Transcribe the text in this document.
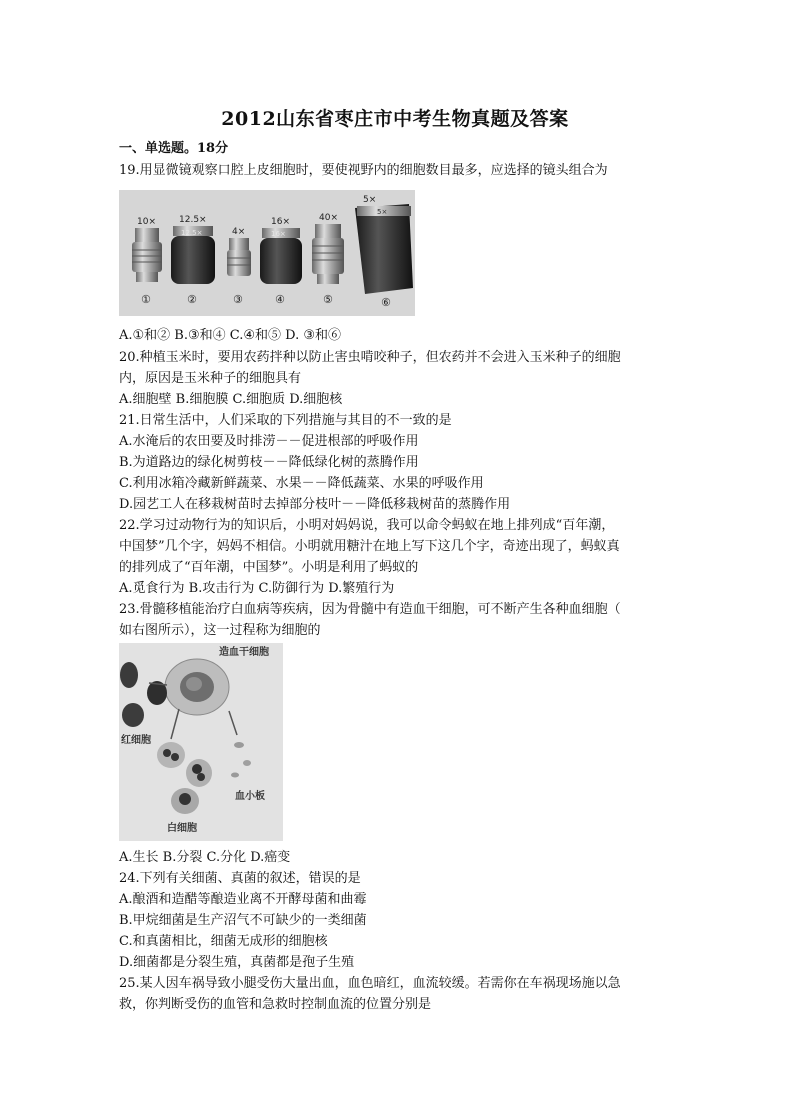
2012山东省枣庄市中考生物真题及答案
一、单选题。18分
19.用显微镜观察口腔上皮细胞时，要使视野内的细胞数目最多，应选择的镜头组合为
10×	12.5×
4×
16×	40×
5×
12.5×	16×
5×
①	②	③	④	⑤	⑥
A.①和② B.③和④ C.④和⑤ D. ③和⑥
20.种植玉米时，要用农药拌种以防止害虫啃咬种子，但农药并不会进入玉米种子的细胞
内，原因是玉米种子的细胞具有
A.细胞壁 B.细胞膜 C.细胞质 D.细胞核
21.日常生活中，人们采取的下列措施与其目的不一致的是
A.水淹后的农田要及时排涝－－促进根部的呼吸作用
B.为道路边的绿化树剪枝－－降低绿化树的蒸腾作用
C.利用冰箱冷藏新鲜蔬菜、水果－－降低蔬菜、水果的呼吸作用
D.园艺工人在移栽树苗时去掉部分枝叶－－降低移栽树苗的蒸腾作用
22.学习过动物行为的知识后，小明对妈妈说，我可以命令蚂蚁在地上排列成“百年潮，
中国梦”几个字，妈妈不相信。小明就用糖汁在地上写下这几个字，奇迹出现了，蚂蚁真
的排列成了“百年潮，中国梦”。小明是利用了蚂蚁的
A.觅食行为 B.攻击行为 C.防御行为 D.繁殖行为
23.骨髓移植能治疗白血病等疾病，因为骨髓中有造血干细胞，可不断产生各种血细胞（
如右图所示），这一过程称为细胞的
造血干细胞
红细胞
血小板
白细胞
A.生长 B.分裂 C.分化 D.癌变
24.下列有关细菌、真菌的叙述，错误的是
A.酿酒和造醋等酿造业离不开酵母菌和曲霉
B.甲烷细菌是生产沼气不可缺少的一类细菌
C.和真菌相比，细菌无成形的细胞核
D.细菌都是分裂生殖，真菌都是孢子生殖
25.某人因车祸导致小腿受伤大量出血，血色暗红，血流较缓。若需你在车祸现场施以急
救，你判断受伤的血管和急救时控制血流的位置分别是
